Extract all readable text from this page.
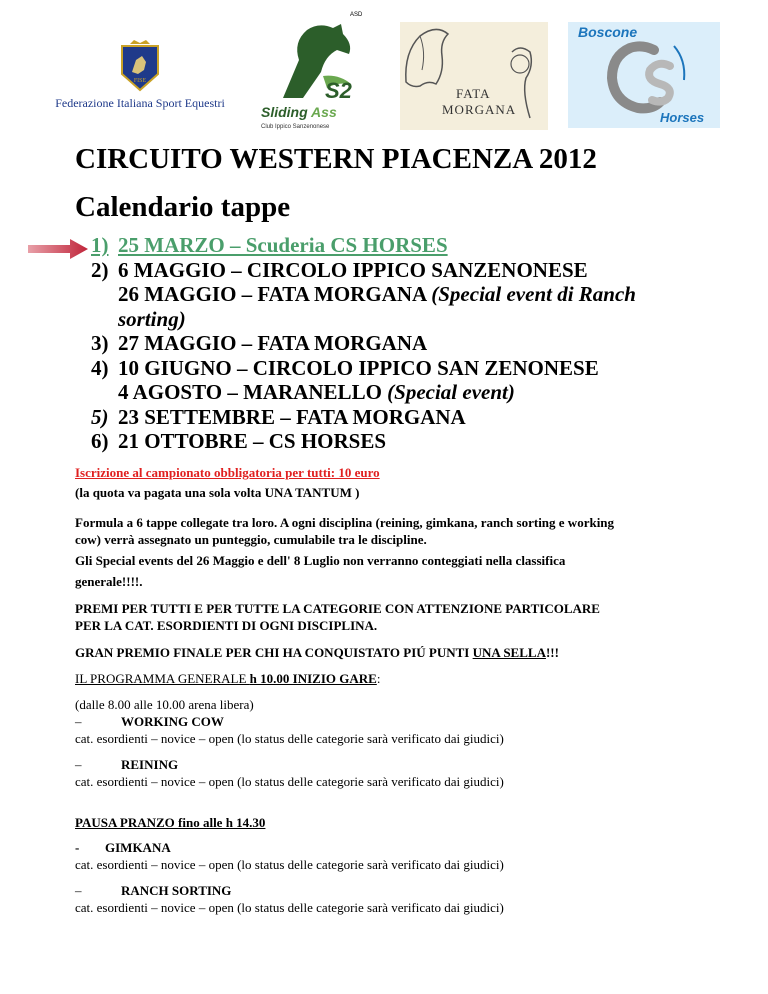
FISE
Federazione Italiana Sport Equestri
ASD
S2
Sliding Ass
Club Ippico Sanzenonese
FATA
MORGANA
Boscone
Horses
CIRCUITO WESTERN PIACENZA 2012
Calendario tappe
1) 25 MARZO – Scuderia CS HORSES
2) 6 MAGGIO – CIRCOLO IPPICO SANZENONESE
26 MAGGIO – FATA MORGANA (Special event di Ranch
sorting)
3) 27 MAGGIO – FATA MORGANA
4) 10 GIUGNO – CIRCOLO IPPICO SAN ZENONESE
4 AGOSTO – MARANELLO (Special event)
5) 23 SETTEMBRE – FATA MORGANA
6) 21 OTTOBRE – CS HORSES
Iscrizione al campionato obbligatoria per tutti: 10 euro
(la quota va pagata una sola volta UNA TANTUM )
Formula a 6 tappe collegate tra loro. A ogni disciplina (reining, gimkana, ranch sorting e working
cow) verrà assegnato un punteggio, cumulabile tra le discipline.
Gli Special events del 26 Maggio e dell' 8 Luglio non verranno conteggiati nella classifica
generale!!!!.
PREMI PER TUTTI E PER TUTTE LA CATEGORIE CON ATTENZIONE PARTICOLARE
PER LA CAT. ESORDIENTI DI OGNI DISCIPLINA.
GRAN PREMIO FINALE PER CHI HA CONQUISTATO PIÚ PUNTI UNA SELLA!!!
IL PROGRAMMA GENERALE h 10.00 INIZIO GARE:
(dalle 8.00 alle 10.00 arena libera)
–	WORKING COW
cat. esordienti – novice – open (lo status delle categorie sarà verificato dai giudici)
–	REINING
cat. esordienti – novice – open (lo status delle categorie sarà verificato dai giudici)
PAUSA PRANZO fino alle h 14.30
- GIMKANA
cat. esordienti – novice – open (lo status delle categorie sarà verificato dai giudici)
–	RANCH SORTING
cat. esordienti – novice – open (lo status delle categorie sarà verificato dai giudici)
